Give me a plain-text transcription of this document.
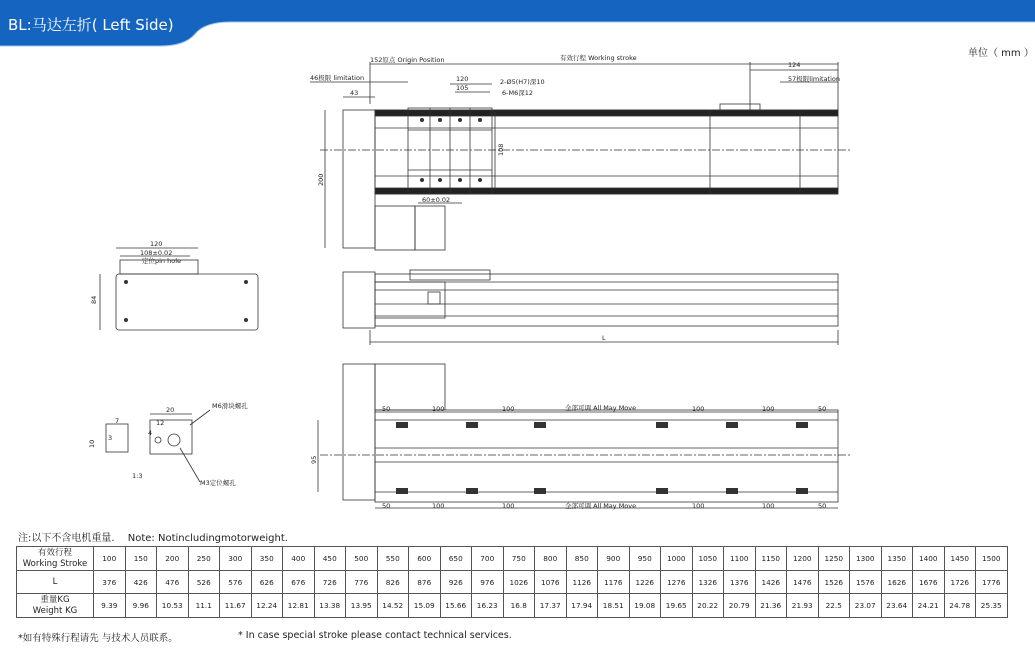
BL:马达左折( Left Side)
单位（ mm ）
152原点 Origin Position	有效行程 Working stroke
124
46极限 limitation	57极限limitation
120
105
43
2-Ø5(H7)深10
6-M6深12
108
200
60±0.02
L
50	100	100	全部可调 All May Move	100	100	50
50	100	100	全部可调 All May Move	100	100	50
95
120
108±0.02
定位pin hole
84
M6滑块螺孔
M3定位螺孔
20
12
7
4
10
3
1:3
注:以下不含电机重量. Note: Notincludingmotorweight.
有效行程
Working Stroke	100	150	200	250	300	350	400	450	500	550	600	650	700	750	800	850	900	950	1000	1050	1100	1150	1200	1250	1300	1350	1400	1450	1500
L	376	426	476	526	576	626	676	726	776	826	876	926	976	1026	1076	1126	1176	1226	1276	1326	1376	1426	1476	1526	1576	1626	1676	1726	1776
重量KG
Weight KG	9.39	9.96	10.53	11.1	11.67	12.24	12.81	13.38	13.95	14.52	15.09	15.66	16.23	16.8	17.37	17.94	18.51	19.08	19.65	20.22	20.79	21.36	21.93	22.5	23.07	23.64	24.21	24.78	25.35
*如有特殊行程请先 与技术人员联系。	* In case special stroke please contact technical services.
